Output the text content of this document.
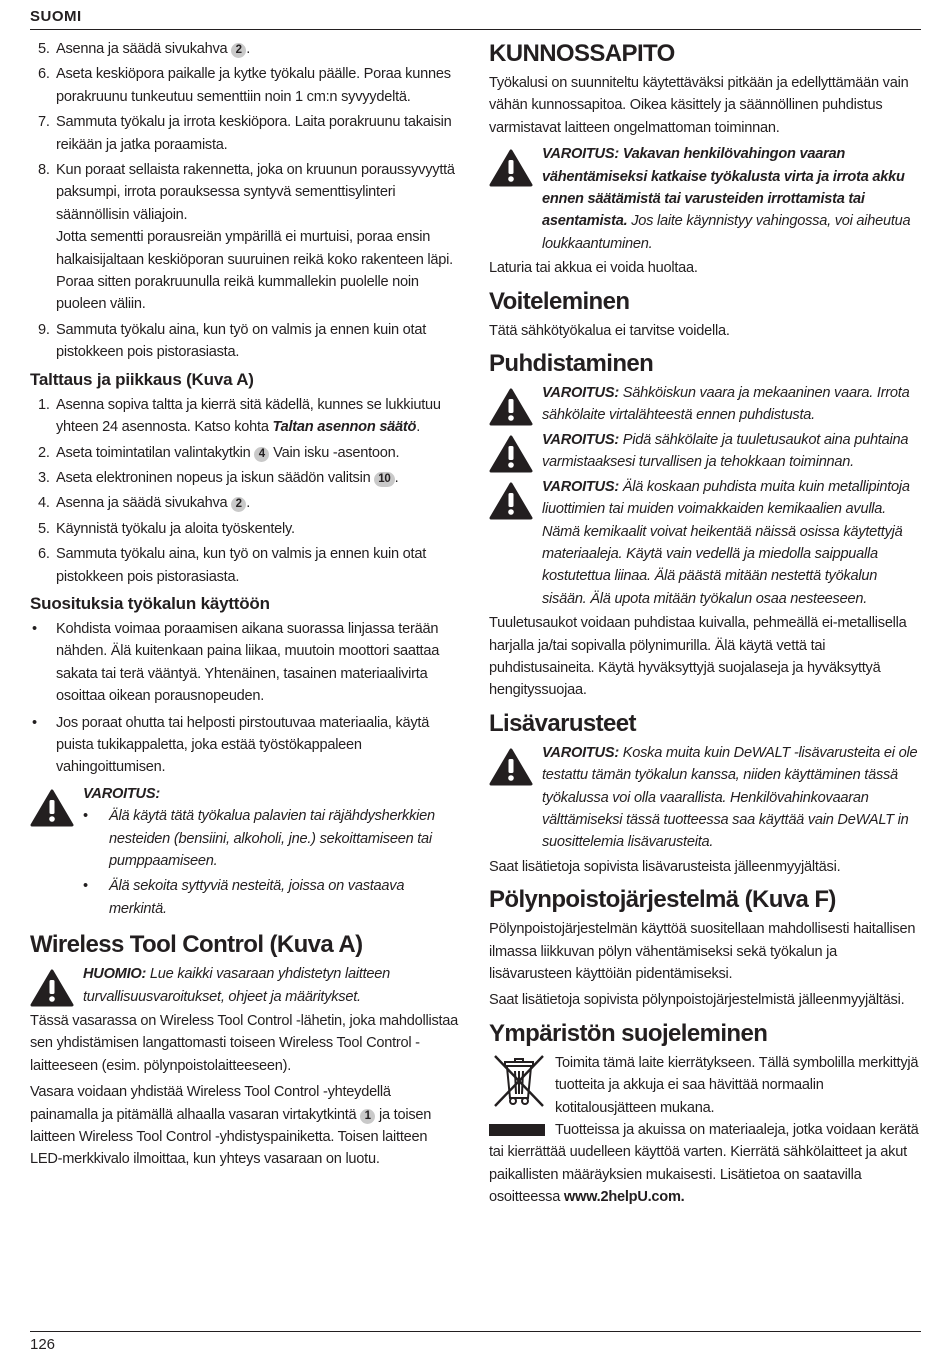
SUOMI
5. Asenna ja säädä sivukahva 2 .
6. Aseta keskiöpora paikalle ja kytke työkalu päälle. Poraa kunnes porakruunu tunkeutuu sementtiin noin 1 cm:n syvyydeltä.
7. Sammuta työkalu ja irrota keskiöpora. Laita porakruunu takaisin reikään ja jatka poraamista.
8. Kun poraat sellaista rakennetta, joka on kruunun poraussyvyyttä paksumpi, irrota porauksessa syntyvä sementtisylinteri säännöllisin väliajoin.
Jotta sementti porausreiän ympärillä ei murtuisi, poraa ensin halkaisijaltaan keskiöporan suuruinen reikä koko rakenteen läpi. Poraa sitten porakruunulla reikä kummallekin puolelle noin puoleen väliin.
9. Sammuta työkalu aina, kun työ on valmis ja ennen kuin otat pistokkeen pois pistorasiasta.
Talttaus ja piikkaus (Kuva A)
1. Asenna sopiva taltta ja kierrä sitä kädellä, kunnes se lukkiutuu yhteen 24 asennosta. Katso kohta Taltan asennon säätö.
2. Aseta toimintatilan valintakytkin 4 Vain isku -asentoon.
3. Aseta elektroninen nopeus ja iskun säädön valitsin 10 .
4. Asenna ja säädä sivukahva 2 .
5. Käynnistä työkalu ja aloita työskentely.
6. Sammuta työkalu aina, kun työ on valmis ja ennen kuin otat pistokkeen pois pistorasiasta.
Suosituksia työkalun käyttöön
•	Kohdista voimaa poraamisen aikana suorassa linjassa terään nähden. Älä kuitenkaan paina liikaa, muutoin moottori saattaa sakata tai terä vääntyä. Yhtenäinen, tasainen materiaalivirta osoittaa oikean porausnopeuden.
•	Jos poraat ohutta tai helposti pirstoutuvaa materiaalia, käytä puista tukikappaletta, joka estää työstökappaleen vahingoittumisen.

VAROITUS:

•	Älä käytä tätä työkalua palavien tai räjähdysherkkien nesteiden (bensiini, alkoholi, jne.) sekoittamiseen tai pumppaamiseen.
•	Älä sekoita syttyviä nesteitä, joissa on vastaava merkintä.
Wireless Tool Control (Kuva A)

HUOMIO: Lue kaikki vasaraan yhdistetyn laitteen turvallisuusvaroitukset, ohjeet ja määritykset.

Tässä vasarassa on Wireless Tool Control -lähetin, joka mahdollistaa sen yhdistämisen langattomasti toiseen Wireless Tool Control -laitteeseen (esim. pölynpoistolaitteeseen).

Vasara voidaan yhdistää Wireless Tool Control -yhteydellä painamalla ja pitämällä alhaalla vasaran virtakytkintä 1 ja toisen laitteen Wireless Tool Control -yhdistyspainiketta. Toisen laitteen LED-merkkivalo ilmoittaa, kun yhteys vasaraan on luotu.

KUNNOSSAPITO

Työkalusi on suunniteltu käytettäväksi pitkään ja edellyttämään vain vähän kunnossapitoa. Oikea käsittely ja säännöllinen puhdistus varmistavat laitteen ongelmattoman toiminnan.

VAROITUS: Vakavan henkilövahingon vaaran vähentämiseksi katkaise työkalusta virta ja irrota akku ennen säätämistä tai varusteiden irrottamista tai asentamista. Jos laite käynnistyy vahingossa, voi aiheutua loukkaantuminen.

Laturia tai akkua ei voida huoltaa.

Voiteleminen

Tätä sähkötyökalua ei tarvitse voidella.

Puhdistaminen

VAROITUS: Sähköiskun vaara ja mekaaninen vaara. Irrota sähkölaite virtalähteestä ennen puhdistusta.

VAROITUS: Pidä sähkölaite ja tuuletusaukot aina puhtaina varmistaaksesi turvallisen ja tehokkaan toiminnan.

VAROITUS: Älä koskaan puhdista muita kuin metallipintoja liuottimien tai muiden voimakkaiden kemikaalien avulla. Nämä kemikaalit voivat heikentää näissä osissa käytettyjä materiaaleja. Käytä vain vedellä ja miedolla saippualla kostutettua liinaa. Älä päästä mitään nestettä työkalun sisään. Älä upota mitään työkalun osaa nesteeseen.

Tuuletusaukot voidaan puhdistaa kuivalla, pehmeällä ei-metallisella harjalla ja/tai sopivalla pölynimurilla. Älä käytä vettä tai puhdistusaineita. Käytä hyväksyttyjä suojalaseja ja hyväksyttyä hengityssuojaa.

Lisävarusteet

VAROITUS: Koska muita kuin DeWALT -lisävarusteita ei ole testattu tämän työkalun kanssa, niiden käyttäminen tässä työkalussa voi olla vaarallista. Henkilövahinkovaaran välttämiseksi tässä tuotteessa saa käyttää vain DeWALT in suosittelemia lisävarusteita.

Saat lisätietoja sopivista lisävarusteista jälleenmyyjältäsi.

Pölynpoistojärjestelmä (Kuva F)

Pölynpoistojärjestelmän käyttöä suositellaan mahdollisesti haitallisen ilmassa liikkuvan pölyn vähentämiseksi sekä työkalun ja lisävarusteen käyttöiän pidentämiseksi.

Saat lisätietoja sopivista pölynpoistojärjestelmistä jälleenmyyjältäsi.

Ympäristön suojeleminen

Toimita tämä laite kierrätykseen. Tällä symbolilla merkittyjä tuotteita ja akkuja ei saa hävittää normaalin kotitalousjätteen mukana.

Tuotteissa ja akuissa on materiaaleja, jotka voidaan kerätä tai kierrättää uudelleen käyttöä varten. Kierrätä sähkölaitteet ja akut paikallisten määräyksien mukaisesti. Lisätietoa on saatavilla osoitteessa www.2helpU.com.

126
